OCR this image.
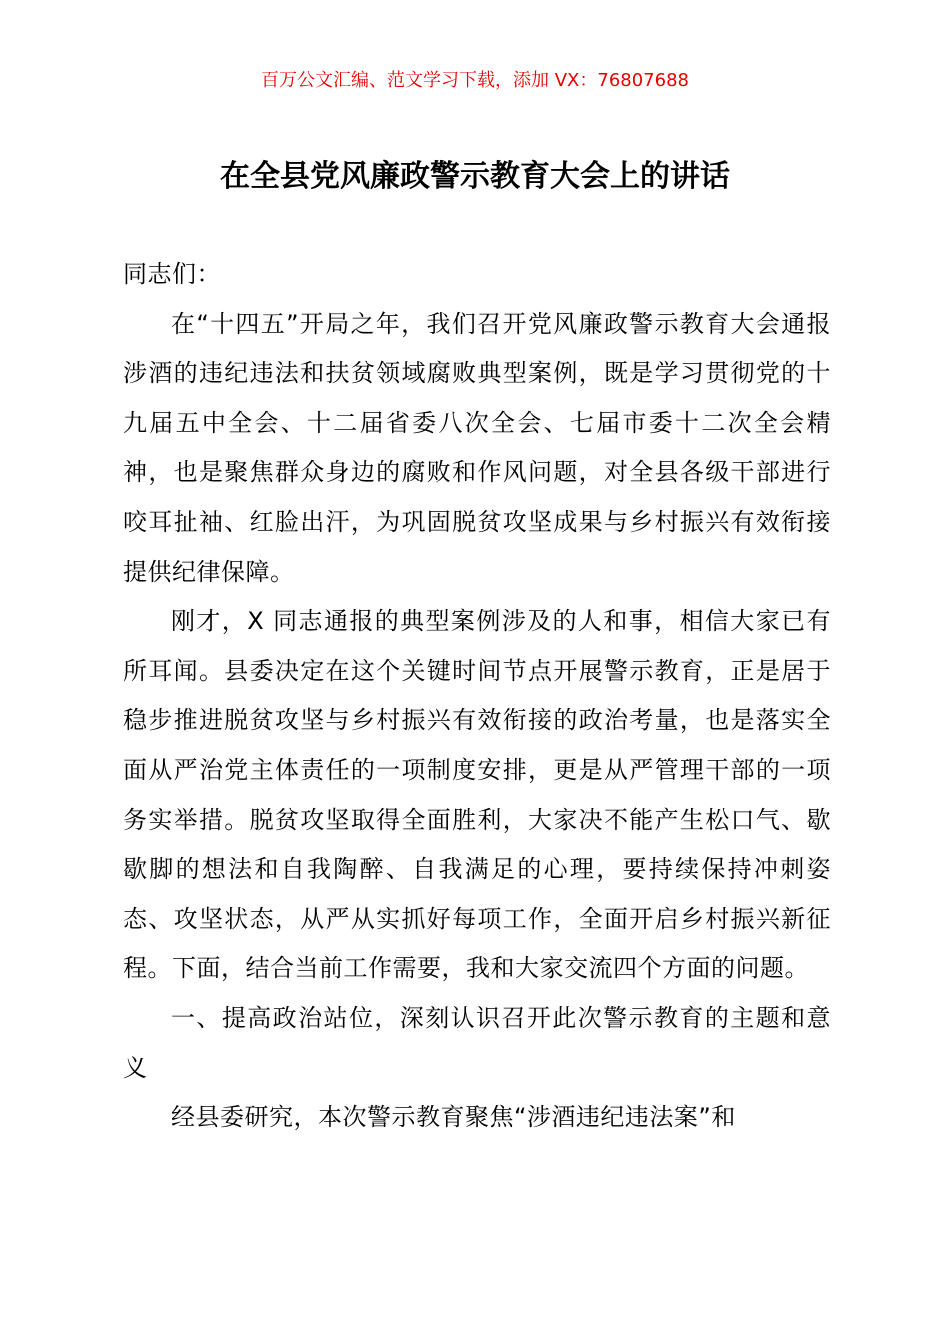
百万公文汇编、范文学习下载，添加 VX：76807688
在全县党风廉政警示教育大会上的讲话

同志们：

在“十四五”开局之年，我们召开党风廉政警示教育大会通报涉酒的违纪违法和扶贫领域腐败典型案例，既是学习贯彻党的十九届五中全会、十二届省委八次全会、七届市委十二次全会精神，也是聚焦群众身边的腐败和作风问题，对全县各级干部进行咬耳扯袖、红脸出汗，为巩固脱贫攻坚成果与乡村振兴有效衔接提供纪律保障。

刚才，X 同志通报的典型案例涉及的人和事，相信大家已有所耳闻。县委决定在这个关键时间节点开展警示教育，正是居于稳步推进脱贫攻坚与乡村振兴有效衔接的政治考量，也是落实全面从严治党主体责任的一项制度安排，更是从严管理干部的一项务实举措。脱贫攻坚取得全面胜利，大家决不能产生松口气、歇歇脚的想法和自我陶醉、自我满足的心理，要持续保持冲刺姿态、攻坚状态，从严从实抓好每项工作，全面开启乡村振兴新征程。下面，结合当前工作需要，我和大家交流四个方面的问题。

一、提高政治站位，深刻认识召开此次警示教育的主题和意义

经县委研究，本次警示教育聚焦“涉酒违纪违法案”和
